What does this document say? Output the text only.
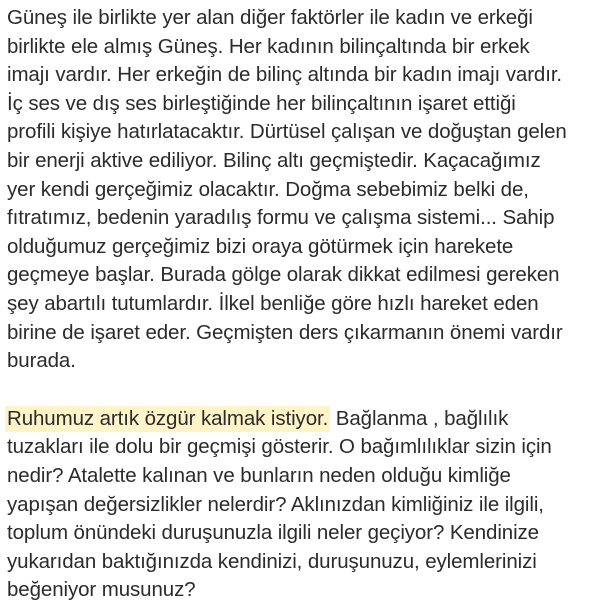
Güneş ile birlikte yer alan diğer faktörler ile kadın ve erkeği
birlikte ele almış Güneş. Her kadının bilinçaltında bir erkek
imajı vardır. Her erkeğin de bilinç altında bir kadın imajı vardır.
İç ses ve dış ses birleştiğinde her bilinçaltının işaret ettiği
profili kişiye hatırlatacaktır. Dürtüsel çalışan ve doğuştan gelen
bir enerji aktive ediliyor. Bilinç altı geçmiştedir. Kaçacağımız
yer kendi gerçeğimiz olacaktır. Doğma sebebimiz belki de,
fıtratımız, bedenin yaradılış formu ve çalışma sistemi... Sahip
olduğumuz gerçeğimiz bizi oraya götürmek için harekete
geçmeye başlar. Burada gölge olarak dikkat edilmesi gereken
şey abartılı tutumlardır. İlkel benliğe göre hızlı hareket eden
birine de işaret eder. Geçmişten ders çıkarmanın önemi vardır
burada.
Ruhumuz artık özgür kalmak istiyor. Bağlanma , bağlılık
tuzakları ile dolu bir geçmişi gösterir. O bağımlılıklar sizin için
nedir? Atalette kalınan ve bunların neden olduğu kimliğe
yapışan değersizlikler nelerdir? Aklınızdan kimliğiniz ile ilgili,
toplum önündeki duruşunuzla ilgili neler geçiyor? Kendinize
yukarıdan baktığınızda kendinizi, duruşunuzu, eylemlerinizi
beğeniyor musunuz?
